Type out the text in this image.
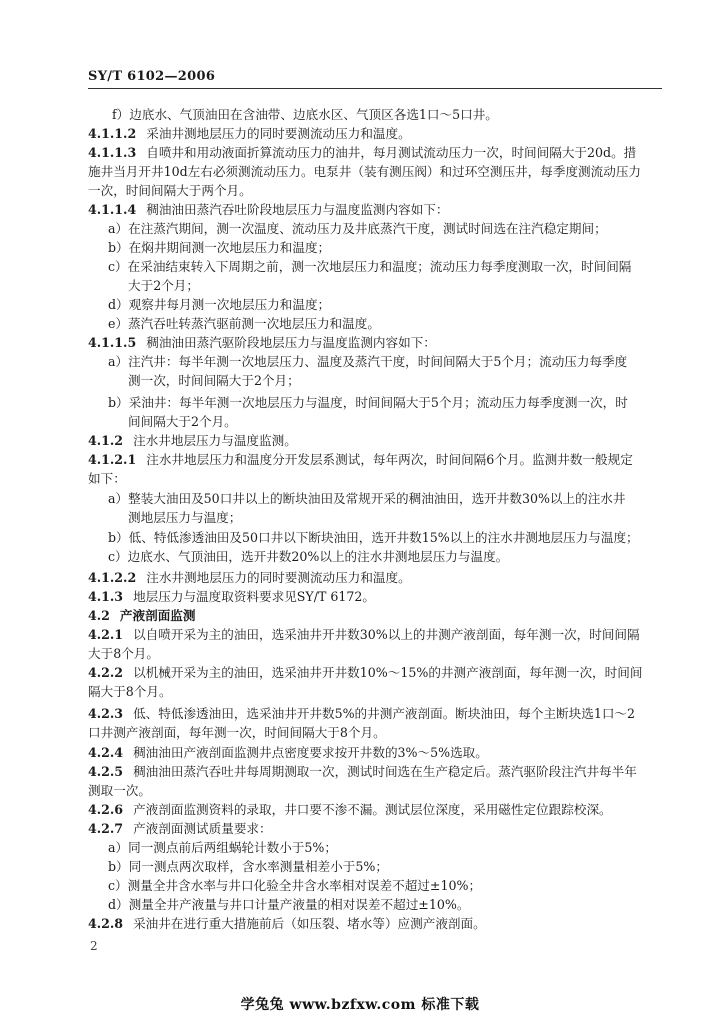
SY/T 6102—2006
f）边底水、气顶油田在含油带、边底水区、气顶区各选1口～5口井。
4.1.1.2 采油井测地层压力的同时要测流动压力和温度。
4.1.1.3 自喷井和用动液面折算流动压力的油井，每月测试流动压力一次，时间间隔大于20d。措
施井当月开井10d左右必须测流动压力。电泵井（装有测压阀）和过环空测压井，每季度测流动压力
一次，时间间隔大于两个月。
4.1.1.4 稠油油田蒸汽吞吐阶段地层压力与温度监测内容如下：
a）在注蒸汽期间，测一次温度、流动压力及井底蒸汽干度，测试时间选在注汽稳定期间；
b）在焖井期间测一次地层压力和温度；
c）在采油结束转入下周期之前，测一次地层压力和温度；流动压力每季度测取一次，时间间隔
大于2个月；
d）观察井每月测一次地层压力和温度；
e）蒸汽吞吐转蒸汽驱前测一次地层压力和温度。
4.1.1.5 稠油油田蒸汽驱阶段地层压力与温度监测内容如下：
a）注汽井：每半年测一次地层压力、温度及蒸汽干度，时间间隔大于5个月；流动压力每季度
测一次，时间间隔大于2个月；
b）采油井：每半年测一次地层压力与温度，时间间隔大于5个月；流动压力每季度测一次，时
间间隔大于2个月。
4.1.2 注水井地层压力与温度监测。
4.1.2.1 注水井地层压力和温度分开发层系测试，每年两次，时间间隔6个月。监测井数一般规定
如下：
a）整装大油田及50口井以上的断块油田及常规开采的稠油油田，选开井数30%以上的注水井
测地层压力与温度；
b）低、特低渗透油田及50口井以下断块油田，选开井数15%以上的注水井测地层压力与温度；
c）边底水、气顶油田，选开井数20%以上的注水井测地层压力与温度。
4.1.2.2 注水井测地层压力的同时要测流动压力和温度。
4.1.3 地层压力与温度取资料要求见SY/T 6172。
4.2 产液剖面监测
4.2.1 以自喷开采为主的油田，选采油井开井数30%以上的井测产液剖面，每年测一次，时间间隔
大于8个月。
4.2.2 以机械开采为主的油田，选采油井开井数10%～15%的井测产液剖面，每年测一次，时间间
隔大于8个月。
4.2.3 低、特低渗透油田，选采油井开井数5%的井测产液剖面。断块油田，每个主断块选1口～2
口井测产液剖面，每年测一次，时间间隔大于8个月。
4.2.4 稠油油田产液剖面监测井点密度要求按开井数的3%～5%选取。
4.2.5 稠油油田蒸汽吞吐井每周期测取一次，测试时间选在生产稳定后。蒸汽驱阶段注汽井每半年
测取一次。
4.2.6 产液剖面监测资料的录取，井口要不渗不漏。测试层位深度，采用磁性定位跟踪校深。
4.2.7 产液剖面测试质量要求：
a）同一测点前后两组蜗轮计数小于5%；
b）同一测点两次取样，含水率测量相差小于5%；
c）测量全井含水率与井口化验全井含水率相对误差不超过±10%；
d）测量全井产液量与井口计量产液量的相对误差不超过±10%。
4.2.8 采油井在进行重大措施前后（如压裂、堵水等）应测产液剖面。
2
学兔兔 www.bzfxw.com 标准下载
